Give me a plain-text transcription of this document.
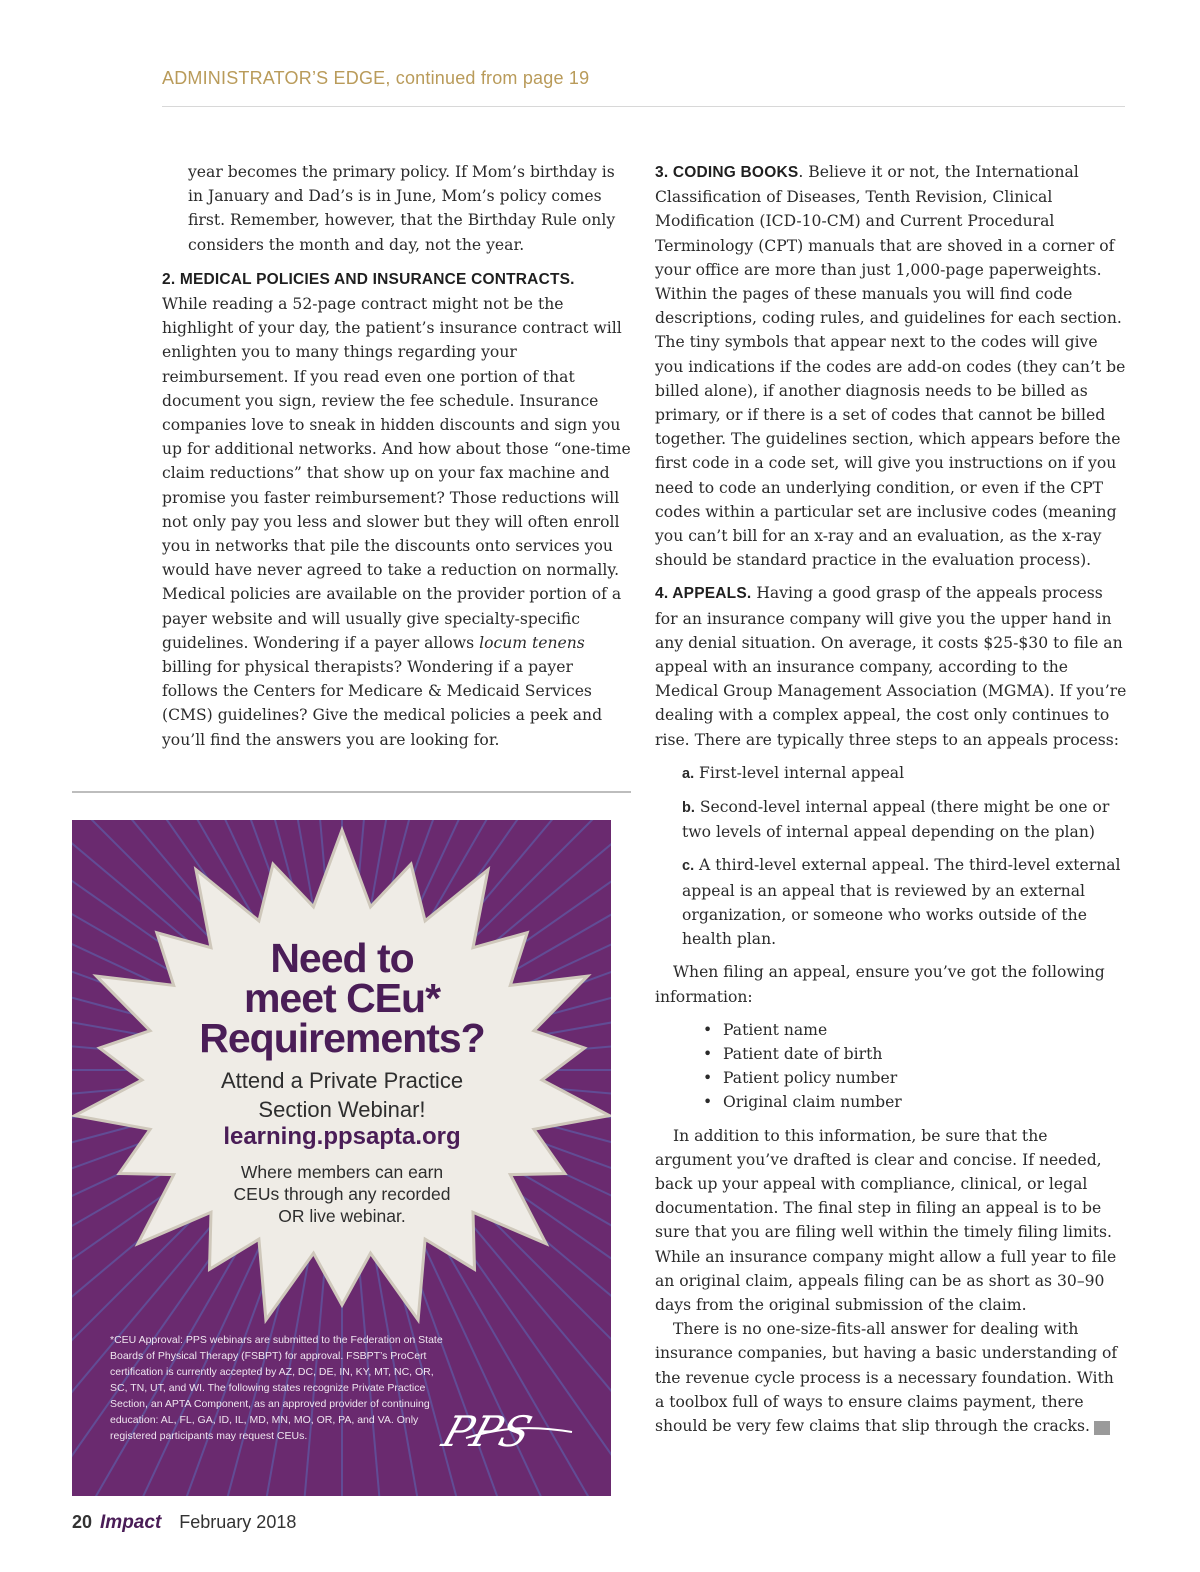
ADMINISTRATOR’S EDGE, continued from page 19

year becomes the primary policy. If Mom’s birthday is in January and Dad’s is in June, Mom’s policy comes first. Remember, however, that the Birthday Rule only considers the month and day, not the year.

2. MEDICAL POLICIES AND INSURANCE CONTRACTS.
While reading a 52-page contract might not be the highlight of your day, the patient’s insurance contract will enlighten you to many things regarding your reimbursement. If you read even one portion of that document you sign, review the fee schedule. Insurance companies love to sneak in hidden discounts and sign you up for additional networks. And how about those “one-time claim reductions” that show up on your fax machine and promise you faster reimbursement? Those reductions will not only pay you less and slower but they will often enroll you in networks that pile the discounts onto services you would have never agreed to take a reduction on normally. Medical policies are available on the provider portion of a payer website and will usually give specialty-specific guidelines. Wondering if a payer allows locum tenens billing for physical therapists? Wondering if a payer follows the Centers for Medicare & Medicaid Services (CMS) guidelines? Give the medical policies a peek and you’ll find the answers you are looking for.

3. CODING BOOKS. Believe it or not, the International Classification of Diseases, Tenth Revision, Clinical Modification (ICD-10-CM) and Current Procedural Terminology (CPT) manuals that are shoved in a corner of your office are more than just 1,000-page paperweights. Within the pages of these manuals you will find code descriptions, coding rules, and guidelines for each section. The tiny symbols that appear next to the codes will give you indications if the codes are add-on codes (they can’t be billed alone), if another diagnosis needs to be billed as primary, or if there is a set of codes that cannot be billed together. The guidelines section, which appears before the first code in a code set, will give you instructions on if you need to code an underlying condition, or even if the CPT codes within a particular set are inclusive codes (meaning you can’t bill for an x-ray and an evaluation, as the x-ray should be standard practice in the evaluation process).

4. APPEALS. Having a good grasp of the appeals process for an insurance company will give you the upper hand in any denial situation. On average, it costs $25-$30 to file an appeal with an insurance company, according to the Medical Group Management Association (MGMA). If you’re dealing with a complex appeal, the cost only continues to rise. There are typically three steps to an appeals process:

a. First-level internal appeal

b. Second-level internal appeal (there might be one or two levels of internal appeal depending on the plan)

c. A third-level external appeal. The third-level external appeal is an appeal that is reviewed by an external organization, or someone who works outside of the health plan.

When filing an appeal, ensure you’ve got the following information:

• Patient name
• Patient date of birth
• Patient policy number
• Original claim number

In addition to this information, be sure that the argument you’ve drafted is clear and concise. If needed, back up your appeal with compliance, clinical, or legal documentation. The final step in filing an appeal is to be sure that you are filing well within the timely filing limits. While an insurance company might allow a full year to file an original claim, appeals filing can be as short as 30–90 days from the original submission of the claim.

There is no one-size-fits-all answer for dealing with insurance companies, but having a basic understanding of the revenue cycle process is a necessary foundation. With a toolbox full of ways to ensure claims payment, there should be very few claims that slip through the cracks. I

Need to
meet CEu*
Requirements?
Attend a Private Practice
Section Webinar!
learning.ppsapta.org
Where members can earn
CEUs through any recorded
OR live webinar.
*CEU Approval: PPS webinars are submitted to the Federation on State Boards of Physical Therapy (FSBPT) for approval. FSBPT’s ProCert certification is currently accepted by AZ, DC, DE, IN, KY, MT, NC, OR, SC, TN, UT, and WI. The following states recognize Private Practice Section, an APTA Component, as an approved provider of continuing education: AL, FL, GA, ID, IL, MD, MN, MO, OR, PA, and VA. Only registered participants may request CEUs.	PPS
20 Impact February 2018
